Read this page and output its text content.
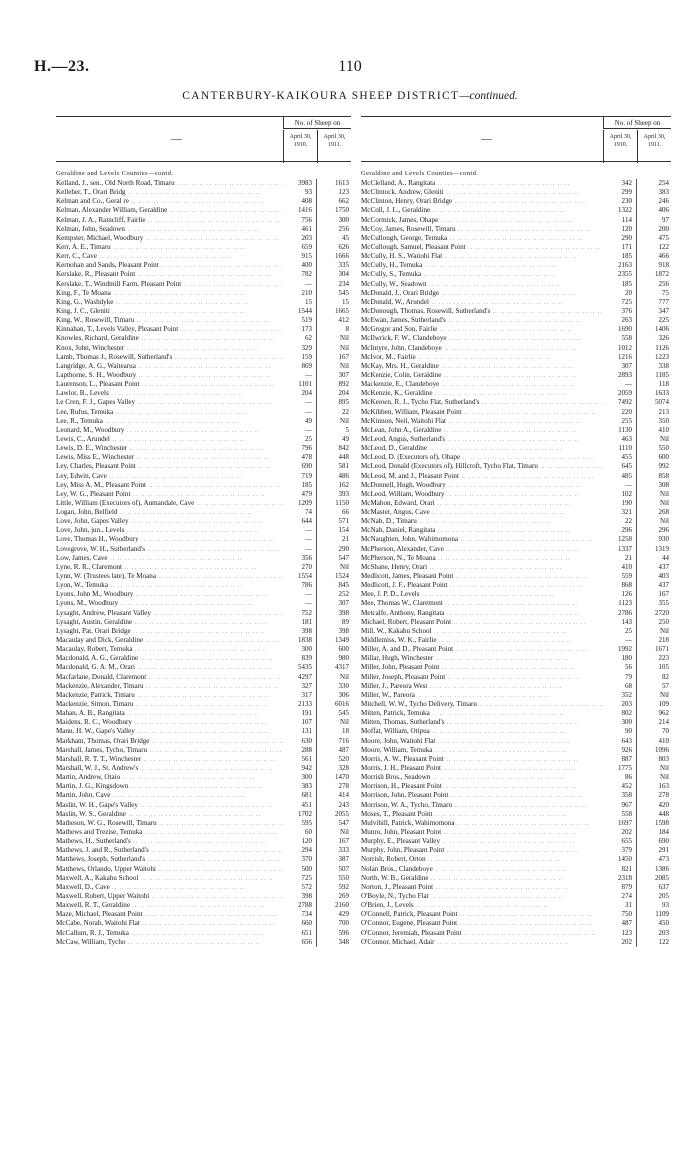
H.—23.	110
CANTERBURY-KAIKOURA SHEEP DISTRICT—continued.
—
No. of Sheep on
April 30, 1910.
April 30, 1911.
Geraldine and Levels Counties—contd.
Kelland, J., sen., Old North Road, Timaru .. ..	3983	1613
Kelleher, T., Orari Bridg .. ..	93	123
Kelman and Co., Geral re .. ..	408	662
Kelman, Alexander William, Geraldine .. ..	1416	1750
Kelman, J. A., Raincliff, Fairlie .. ..	756	300
Kelman, John, Seadown .. ..	461	256
Kempster, Michael, Woodbury .. ..	203	45
Kerr, A. E., Timaru .. ..	659	626
Kerr, C., Cave .. ..	915	1666
Kernohan and Sands, Pleasant Point .. ..	400	335
Kerslake, R., Pleasant Point .. ..	782	304
Kerslake, T., Windmill Farm, Pleasant Point .. ..	—	234
King, F., Te Moana .. ..	210	545
King, G., Washdyke .. ..	15	15
King, J. C., Gleniti .. ..	1544	1665
King, W., Rosewill, Timaru .. ..	519	412
Kinnahan, T., Levels Valley, Pleasant Point .. ..	173	8
Knowles, Richard, Geraldine .. ..	62	Nil
Knox, John, Winchester .. ..	329	Nil
Lamb, Thomas J., Rosewill, Sutherland's .. ..	159	167
Langridge, A. G., Waitearua .. ..	869	Nil
Lapthorne, S. H., Woodbury .. ..	—	307
Laurenson, L., Pleasant Point .. ..	1101	892
Lawlor, B., Levels .. ..	204	204
Le Cren, F. J., Gapes Valley .. ..	—	895
Lee, Rufus, Temuka .. ..	—	22
Lee, R., Temuka .. ..	49	Nil
Leonard, M., Woodbury .. ..	—	5
Lewis, C., Arundel .. ..	25	49
Lewis, D. E., Winchester .. ..	796	842
Lewis, Miss E., Winchester .. ..	478	448
Ley, Charles, Pleasant Point .. ..	690	581
Ley, Edwin, Cave .. ..	719	486
Ley, Miss A. M., Pleasant Point .. ..	185	162
Ley, W. G., Pleasant Point .. ..	479	393
Little, William (Executors of), Aumandale, Cave .. ..	1209	1150
Logan, John, Belfield .. ..	74	66
Love, John, Gapes Valley .. ..	644	571
Love, John, jun., Levels .. ..	—	154
Love, Thomas H., Woodbury .. ..	—	21
Lovegrove, W. H., Sutherland's .. ..	—	290
Low, James, Cave .. ..	356	547
Lyne, R. R., Claremont .. ..	270	Nil
Lynn, W. (Trustees late), Te Moana .. ..	1554	1524
Lyon, W., Temuka .. ..	786	845
Lyons, John M., Woodbury .. ..	—	252
Lyons, M., Woodbury .. ..	—	307
Lysaght, Andrew, Pleasant Valley .. ..	752	398
Lysaght, Austin, Geraldine .. ..	181	89
Lysaght, Pat, Orari Bridge .. ..	398	398
Macaulay and Dick, Geraldine .. ..	1838	1349
Macaulay, Robert, Temuka .. ..	300	600
Macdonald, A. G., Geraldine .. ..	839	980
Macdonald, G. A. M., Orari .. ..	5435	4317
Macfarlane, Donald, Claremont .. ..	4297	Nil
Mackenzie, Alexander, Timaru .. ..	327	330
Mackenzie, Patrick, Timaru .. ..	317	306
Mackenzie, Simon, Timaru .. ..	2133	6016
Mahan, A. B., Rangitata .. ..	191	545
Maidens, R. C., Woodbury .. ..	107	Nil
Mann, H. W., Gape's Valley .. ..	131	18
Markham, Thomas, Orari Bridge .. ..	630	716
Marshall, James, Tycho, Timaru .. ..	288	487
Marshall, R. T. T., Winchester .. ..	561	520
Marshall, W. J., St. Andrew's .. ..	942	328
Martin, Andrew, Otaio .. ..	300	1470
Martin, J. G., Kingsdown .. ..	383	278
Martin, John, Cave .. ..	681	414
Maslin, W. H., Gape's Valley .. ..	451	243
Maslin, W. S., Geraldine .. ..	1702	2055
Matheson, W. G., Rosewill, Timaru .. ..	595	547
Mathews and Trezise, Temuka .. ..	60	Nil
Mathews, H., Sutherland's .. ..	120	167
Mathews, J. and R., Sutherland's .. ..	294	333
Matthews, Joseph, Sutherland's .. ..	370	387
Matthews, Orlando, Upper Waitohi .. ..	500	507
Maxwell, A., Kakahu School .. ..	725	550
Maxwell, D., Cave .. ..	572	592
Maxwell, Robert, Upper Waitohi .. ..	398	269
Maxwell, R. T., Geraldine .. ..	2788	2160
Maze, Michael, Pleasant Point .. ..	734	429
McCabe, Norah, Waitohi Flat .. ..	660	700
McCallum, R. J., Temuka .. ..	651	596
McCaw, William, Tycho .. ..	656	348
—
No. of Sheep on
April 30, 1910.
April 30, 1911.
Geraldine and Levels Counties—contd.
McClelland, A., Rangitata .. ..	342	254
McClintock, Andrew, Gleniti .. ..	299	383
McClinton, Henry, Orari Bridge .. ..	230	246
McColl, J. L., Geraldine .. ..	1322	406
McCormick, James, Ohape .. ..	114	97
McCoy, James, Rosewill, Timaru .. ..	120	200
McCullough, George, Temuka .. ..	290	475
McCullough, Samuel, Pleasant Point .. ..	171	122
McCully, H. S., Waitohi Flat .. ..	185	466
McCully, H., Temuka .. ..	2163	918
McCully, S., Temuka .. ..	2355	1872
McCully, W., Seadown .. ..	185	256
McDonald, J., Orari Bridge .. ..	20	75
McDonald, W., Arundel .. ..	725	777
McDonough, Thomas, Rosewill, Sutherland's .. ..	376	347
McEwan, James, Sutherland's .. ..	263	225
McGregor and Son, Fairlie .. ..	1690	1406
McIlwrick, F. W., Clandeboye .. ..	558	326
McIntyre, John, Clandeboye .. ..	1012	1126
McIvor, M., Fairlie .. ..	1216	1223
McKay, Mrs. H., Geraldine .. ..	307	338
McKenzie, Colin, Geraldine .. ..	2893	1185
Mackenzie, E., Clandeboye .. ..	—	118
McKenzie, K., Geraldine .. ..	2059	1633
McKeown, R. J., Tycho Flat, Sutherland's .. ..	7492	5074
McKibben, William, Pleasant Point .. ..	220	213
McKinnon, Neil, Waitohi Flat .. ..	255	350
McLean, John A., Geraldine .. ..	1130	410
McLeod, Angus, Sutherland's .. ..	463	Nil
McLeod, D., Geraldine .. ..	1110	550
McLeod, D. (Executors of), Ohape .. ..	455	600
McLeod, Donald (Executors of), Hillcroft, Tycho Flat, Timaru .. ..	645	992
McLeod, M. and J., Pleasant Point .. ..	485	858
McDonnell, Hugh, Woodbury .. ..	—	308
McLeod, William, Woodbury .. ..	102	Nil
McMahon, Edward, Orari .. ..	190	Nil
McMaster, Angus, Cave .. ..	321	268
McNab, D., Timaru .. ..	22	Nil
McNab, Daniel, Rangitata .. ..	296	296
McNaughten, John, Wahimomona .. ..	1258	930
McPherson, Alexander, Cave .. ..	1337	1319
McPherson, N., Te Moana .. ..	21	44
McShane, Henry, Orari .. ..	410	437
Medlicott, James, Pleasant Point .. ..	559	403
Medlicott, J. F., Pleasant Point .. ..	868	437
Mee, J. P. D., Levels .. ..	126	167
Mee, Thomas W., Claremont .. ..	1123	355
Metcalfe, Anthony, Rangitata .. ..	2786	2720
Michael, Robert, Pleasant Point .. ..	143	250
Mill, W., Kakahu School .. ..	25	Nil
Middlemiss, W. K., Fairlie .. ..	—	218
Miller, A. and D., Pleasant Point .. ..	1992	1671
Millar, Hugh, Winchester .. ..	180	223
Miller, John, Pleasant Point .. ..	56	105
Miller, Joseph, Pleasant Point .. ..	79	82
Miller, J., Pareora West .. ..	68	57
Miller, W., Pareora .. ..	352	Nil
Mitchell, W. W., Tycho Delivery, Timaru .. ..	203	109
Mitten, Patrick, Temuka .. ..	802	962
Mitten, Thomas, Sutherland's .. ..	300	214
Moffat, William, Otipua .. ..	90	70
Moore, John, Waitohi Flat .. ..	643	410
Moore, William, Temuka .. ..	926	1096
Morris, A. W., Pleasant Point .. ..	887	803
Morris, J. H., Pleasant Point .. ..	1775	Nil
Morrish Bros., Seadown .. ..	86	Nil
Morrison, H., Pleasant Point .. ..	452	163
Morrison, John, Pleasant Point .. ..	358	278
Morrison, W. A., Tycho, Timaru .. ..	967	420
Moses, T., Pleasant Point .. ..	558	448
Mulvihill, Patrick, Wahimomona .. ..	1697	1598
Munro, John, Pleasant Point .. ..	202	184
Murphy, E., Pleasant Valley .. ..	655	690
Murphy, John, Pleasant Point .. ..	379	291
Norrish, Robert, Orton .. ..	1450	473
Nolan Bros., Clandeboye .. ..	821	1386
North, W. B., Geraldine .. ..	2318	2085
Norton, J., Pleasant Point .. ..	879	637
O'Boyle, N., Tycho Flat .. ..	274	205
O'Brien, J., Levels .. ..	31	93
O'Connell, Patrick, Pleasant Point .. ..	750	1109
O'Connor, Eugene, Pleasant Point .. ..	487	450
O'Connor, Jeremiah, Pleasant Point .. ..	123	203
O'Connor, Michael, Adair .. ..	202	122
